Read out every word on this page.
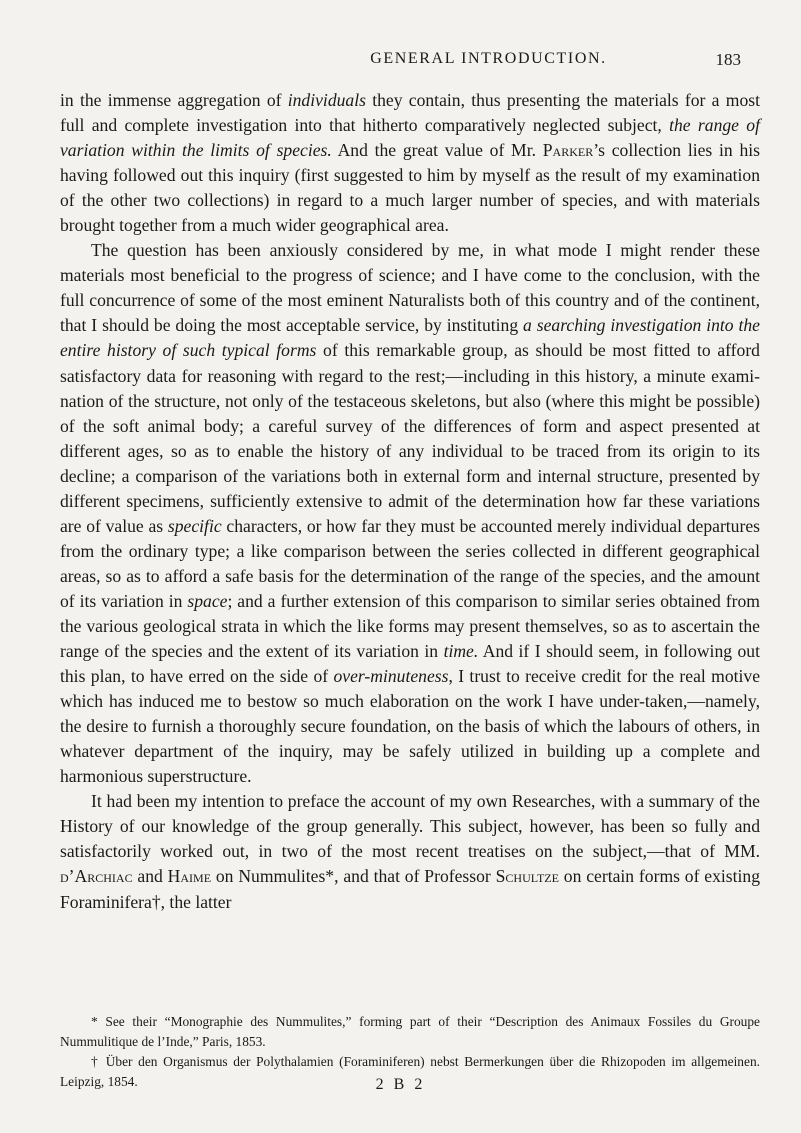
GENERAL INTRODUCTION.	183

in the immense aggregation of individuals they contain, thus presenting the materials for a most full and complete investigation into that hitherto comparatively neglected subject, the range of variation within the limits of species. And the great value of Mr. Parker’s collection lies in his having followed out this inquiry (first suggested to him by myself as the result of my examination of the other two collections) in regard to a much larger number of species, and with materials brought together from a much wider geographical area.

The question has been anxiously considered by me, in what mode I might render these materials most beneficial to the progress of science; and I have come to the conclusion, with the full concurrence of some of the most eminent Naturalists both of this country and of the continent, that I should be doing the most acceptable service, by instituting a searching investigation into the entire history of such typical forms of this remarkable group, as should be most fitted to afford satisfactory data for reasoning with regard to the rest;—including in this history, a minute exami-nation of the structure, not only of the testaceous skeletons, but also (where this might be possible) of the soft animal body; a careful survey of the differences of form and aspect presented at different ages, so as to enable the history of any individual to be traced from its origin to its decline; a comparison of the variations both in external form and internal structure, presented by different specimens, sufficiently extensive to admit of the determination how far these variations are of value as specific characters, or how far they must be accounted merely individual departures from the ordinary type; a like comparison between the series collected in different geographical areas, so as to afford a safe basis for the determination of the range of the species, and the amount of its variation in space; and a further extension of this comparison to similar series obtained from the various geological strata in which the like forms may present themselves, so as to ascertain the range of the species and the extent of its variation in time. And if I should seem, in following out this plan, to have erred on the side of over-minuteness, I trust to receive credit for the real motive which has induced me to bestow so much elaboration on the work I have under-taken,—namely, the desire to furnish a thoroughly secure foundation, on the basis of which the labours of others, in whatever department of the inquiry, may be safely utilized in building up a complete and harmonious superstructure.

It had been my intention to preface the account of my own Researches, with a summary of the History of our knowledge of the group generally. This subject, however, has been so fully and satisfactorily worked out, in two of the most recent treatises on the subject,—that of MM. d’Archiac and Haime on Nummulites*, and that of Professor Schultze on certain forms of existing Foraminifera†, the latter

* See their “Monographie des Nummulites,” forming part of their “Description des Animaux Fossiles du Groupe Nummulitique de l’Inde,” Paris, 1853.

† Über den Organismus der Polythalamien (Foraminiferen) nebst Bermerkungen über die Rhizopoden im allgemeinen. Leipzig, 1854.	2 B 2
